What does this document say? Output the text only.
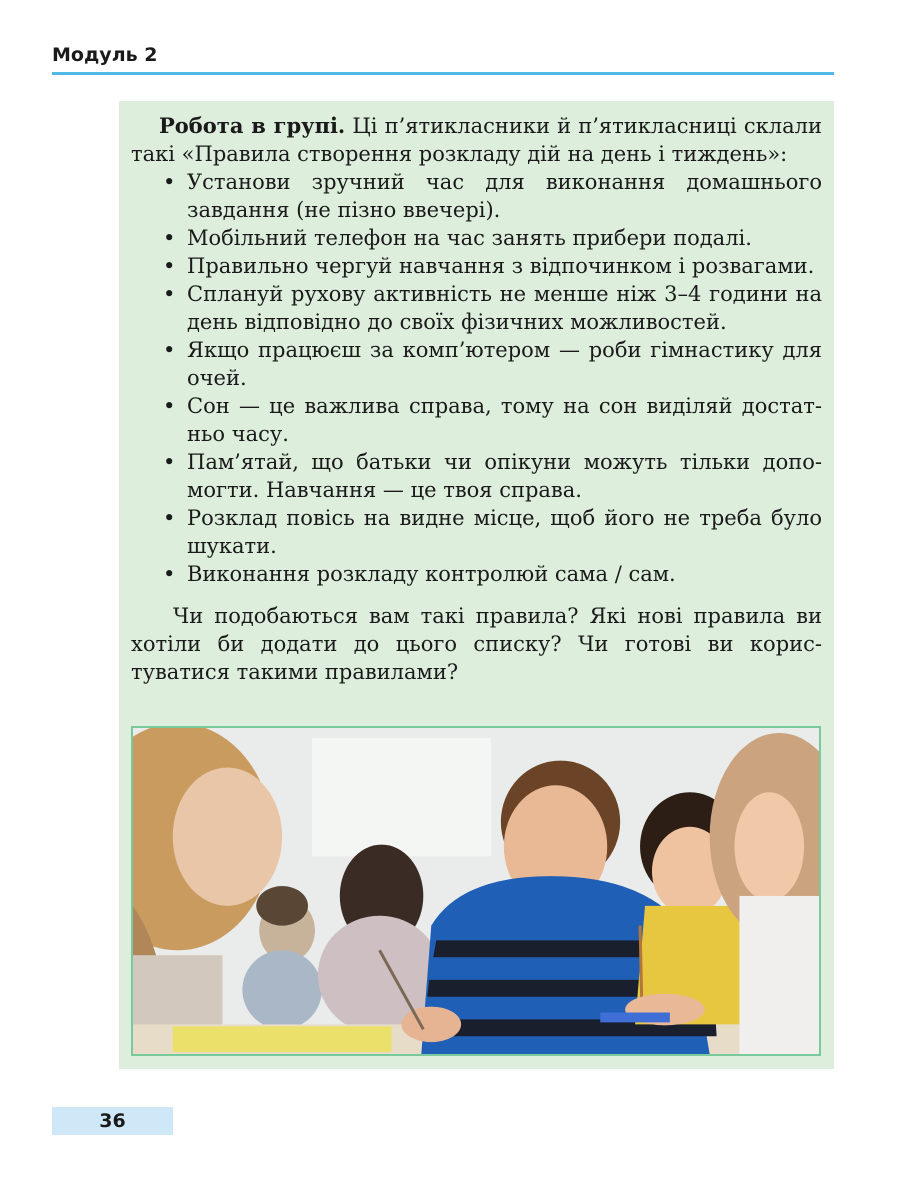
Модуль 2
Робота в групі. Ці п’ятикласники й п’ятикласниці склали такі «Правила створення розкладу дій на день і тиждень»:
• Установи зручний час для виконання домашнього завдання (не пізно ввечері).
• Мобільний телефон на час занять прибери подалі.
• Правильно чергуй навчання з відпочинком і розвагами.
• Сплануй рухову активність не менше ніж 3–4 години на день відповідно до своїх фізичних можливостей.
• Якщо працюєш за комп’ютером — роби гімнастику для очей.
• Сон — це важлива справа, тому на сон виділяй достатньо часу.
• Пам’ятай, що батьки чи опікуни можуть тільки допомогти. Навчання — це твоя справа.
• Розклад повісь на видне місце, щоб його не треба було шукати.
• Виконання розкладу контролюй сама / сам.
Чи подобаються вам такі правила? Які нові правила ви хотіли би додати до цього списку? Чи готові ви користуватися такими правилами?
36
